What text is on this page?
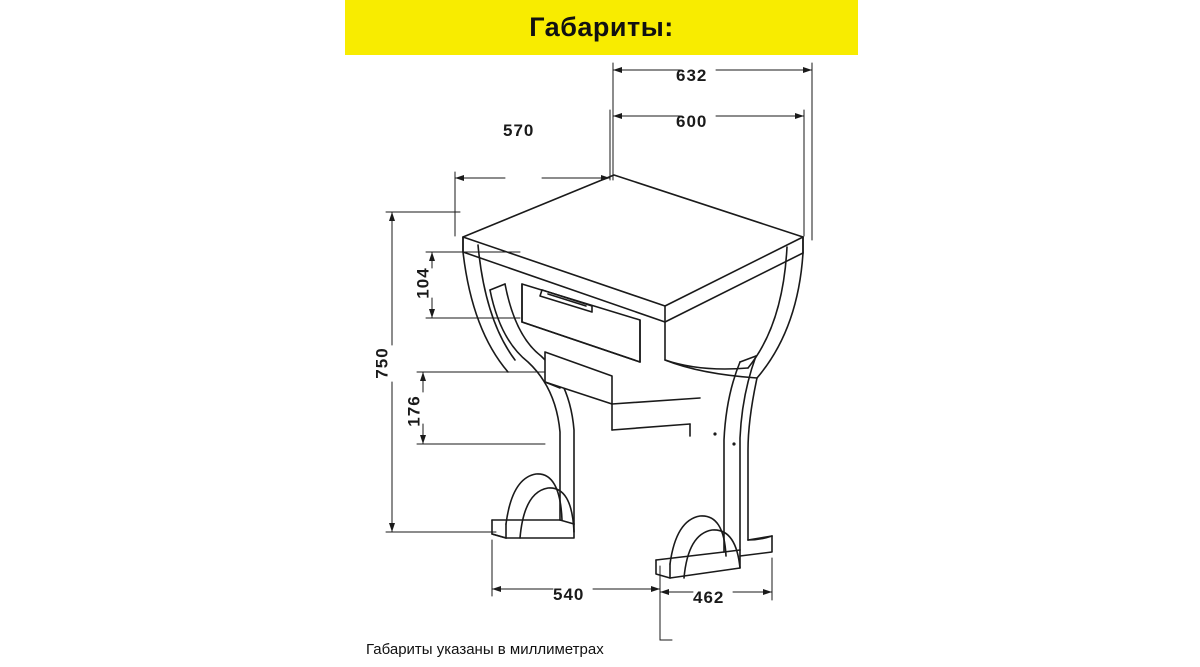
Габариты:
632
600
570
104
750
176
540	462
Габариты указаны в миллиметрах
